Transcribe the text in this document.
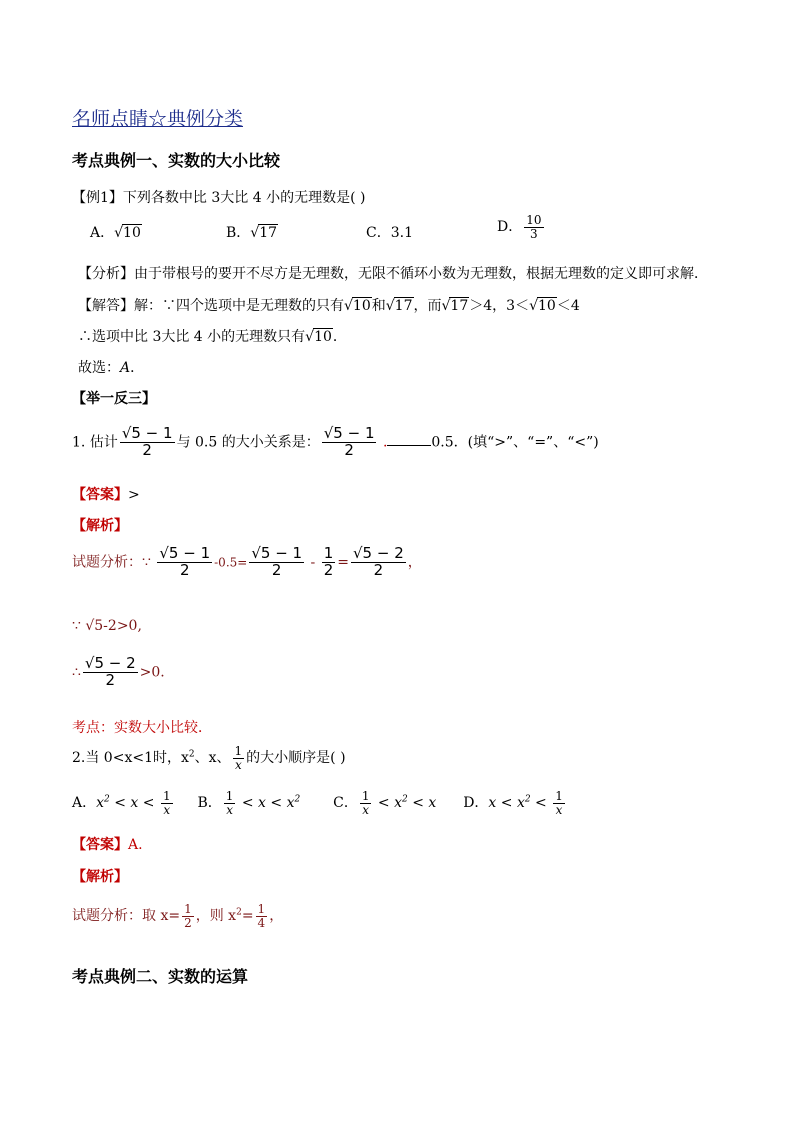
名师点睛☆典例分类
考点典例一、实数的大小比较
【例1】下列各数中比 3大比 4 小的无理数是( )
A．√10	B．√17	C．3.1	D． $\frac{10}{3}$
【分析】由于带根号的要开不尽方是无理数，无限不循环小数为无理数，根据无理数的定义即可求解．
【解答】解：∵四个选项中是无理数的只有√10和√17，而√17＞4，3＜√10＜4
∴选项中比 3大比 4 小的无理数只有√10．
故选：A．
【举一反三】
1. 估计 $\frac{√5 - 1}{2}$ 与 0.5 的大小关系是： $\frac{√5 - 1}{2}$ .	0.5．(填“>”、“=”、“<”)
【答案】>
【解析】
试题分析：∵ $\frac{√5 - 1}{2} -0.5= \frac{√5 - 1}{2} - \frac{1}{2} = \frac{√5 - 2}{2}$ ，
∵ √5-2>0,
∴ $\frac{√5 - 2}{2} >0$.
考点：实数大小比较．
2.当 0<x<1时，$x^2$、x、 $\frac{1}{x}$ 的大小顺序是( )
A．$x^2 < x < \frac{1}{x}$ B． $\frac{1}{x} < x < x^2$ C． $\frac{1}{x} < x^2 < x$ D．$x < x^2 < \frac{1}{x}$
【答案】A.
【解析】
试题分析：取 $x= \frac{1}{2}$ ，则 $x^2= \frac{1}{4}$ ，
考点典例二、实数的运算
